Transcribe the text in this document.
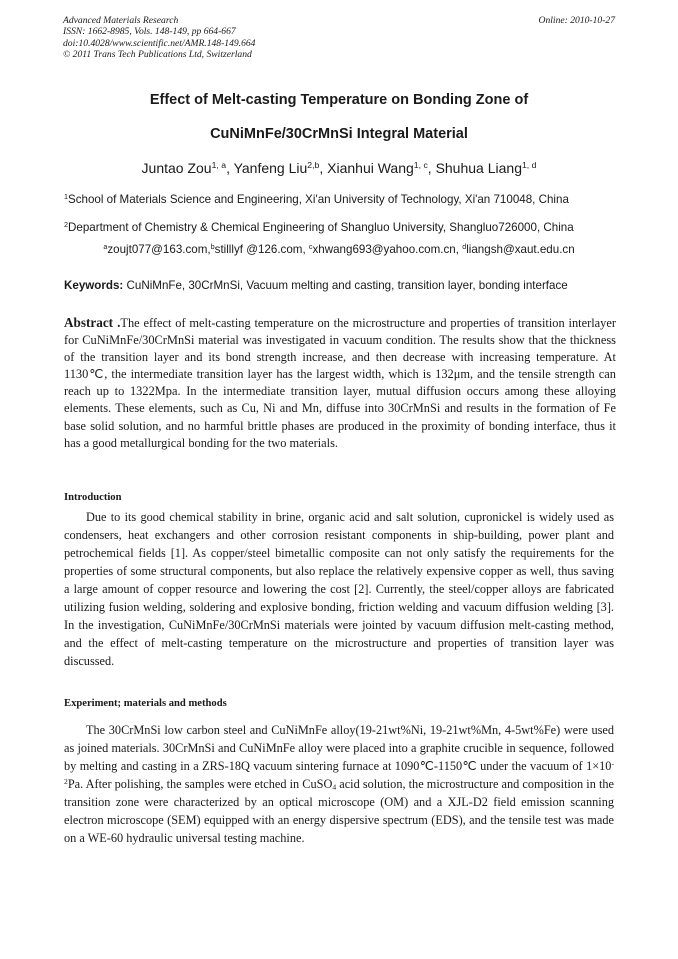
Advanced Materials Research	Online: 2010-10-27
ISSN: 1662-8985, Vols. 148-149, pp 664-667
doi:10.4028/www.scientific.net/AMR.148-149.664
© 2011 Trans Tech Publications Ltd, Switzerland
Effect of Melt-casting Temperature on Bonding Zone of
CuNiMnFe/30CrMnSi Integral Material
Juntao Zou$^{1, a}$, Yanfeng Liu$^{2,b}$, Xianhui Wang$^{1, c}$, Shuhua Liang$^{1, d}$
$^1$School of Materials Science and Engineering, Xi'an University of Technology, Xi'an 710048, China
$^2$Department of Chemistry & Chemical Engineering of Shangluo University, Shangluo726000, China
$^a$zoujt077@163.com,$^b$stilllyf @126.com, $^c$xhwang693@yahoo.com.cn, $^d$liangsh@xaut.edu.cn
Keywords: CuNiMnFe, 30CrMnSi, Vacuum melting and casting, transition layer, bonding interface
Abstract .The effect of melt-casting temperature on the microstructure and properties of transition interlayer for CuNiMnFe/30CrMnSi material was investigated in vacuum condition. The results show that the thickness of the transition layer and its bond strength increase, and then decrease with increasing temperature. At 1130℃, the intermediate transition layer has the largest width, which is 132μm, and the tensile strength can reach up to 1322Mpa. In the intermediate transition layer, mutual diffusion occurs among these alloying elements. These elements, such as Cu, Ni and Mn, diffuse into 30CrMnSi and results in the formation of Fe base solid solution, and no harmful brittle phases are produced in the proximity of bonding interface, thus it has a good metallurgical bonding for the two materials.
Introduction
Due to its good chemical stability in brine, organic acid and salt solution, cupronickel is widely used as condensers, heat exchangers and other corrosion resistant components in ship-building, power plant and petrochemical fields [1]. As copper/steel bimetallic composite can not only satisfy the requirements for the properties of some structural components, but also replace the relatively expensive copper as well, thus saving a large amount of copper resource and lowering the cost [2]. Currently, the steel/copper alloys are fabricated utilizing fusion welding, soldering and explosive bonding, friction welding and vacuum diffusion welding [3]. In the investigation, CuNiMnFe/30CrMnSi materials were jointed by vacuum diffusion melt-casting method, and the effect of melt-casting temperature on the microstructure and properties of transition layer was discussed.
Experiment; materials and methods
The 30CrMnSi low carbon steel and CuNiMnFe alloy(19-21wt%Ni, 19-21wt%Mn, 4-5wt%Fe) were used as joined materials. 30CrMnSi and CuNiMnFe alloy were placed into a graphite crucible in sequence, followed by melting and casting in a ZRS-18Q vacuum sintering furnace at 1090℃-1150℃ under the vacuum of $1\times 10^{-2}Pa$. After polishing, the samples were etched in CuSO$_4$ acid solution, the microstructure and composition in the transition zone were characterized by an optical microscope (OM) and a XJL-D2 field emission scanning electron microscope (SEM) equipped with an energy dispersive spectrum (EDS), and the tensile test was made on a WE-60 hydraulic universal testing machine.
